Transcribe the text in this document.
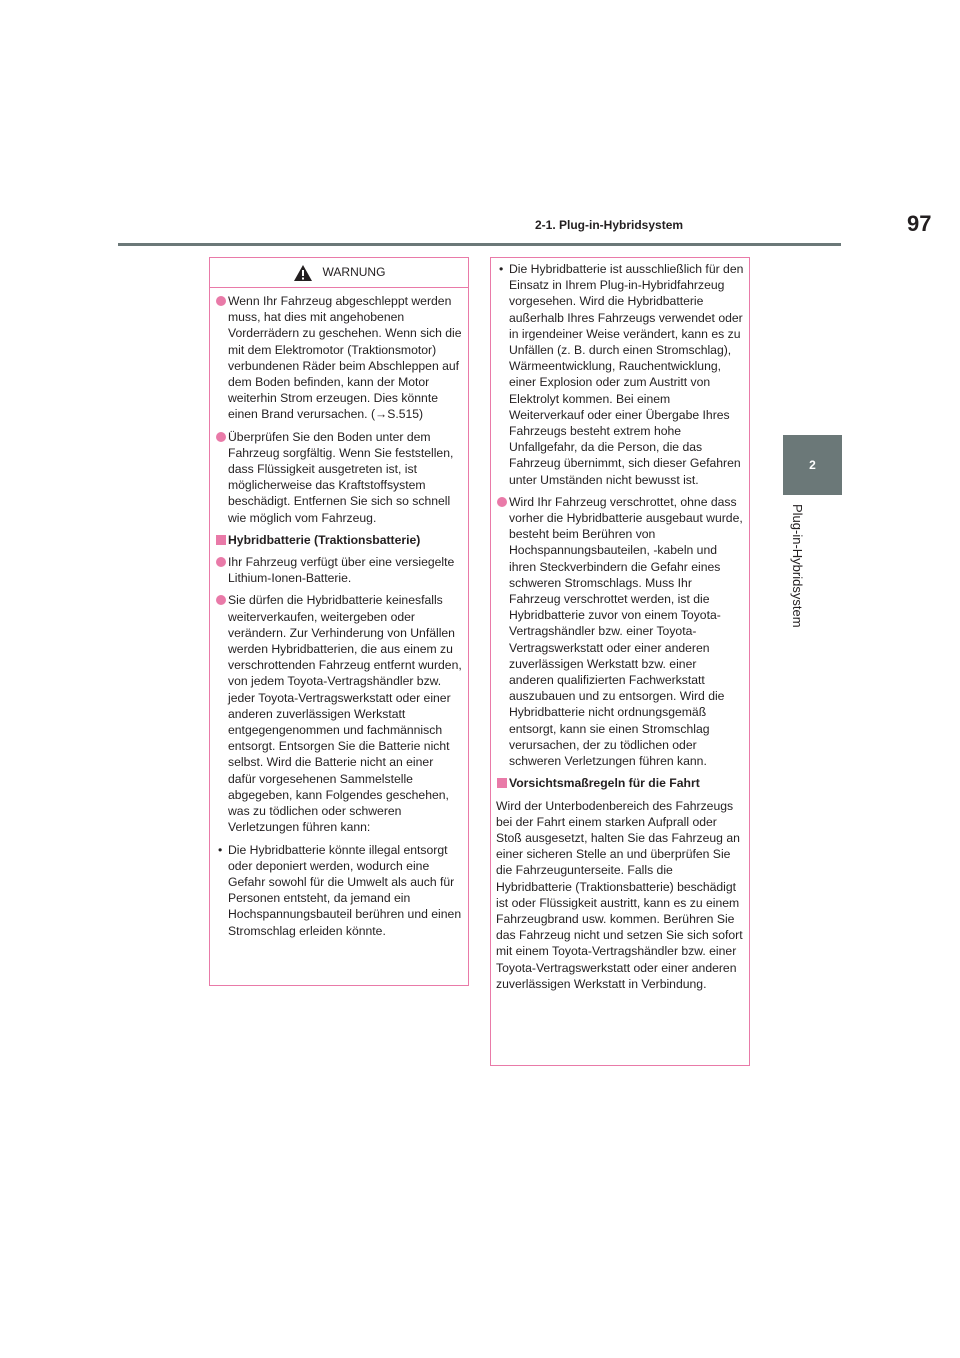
2-1. Plug-in-Hybridsystem	97
2
Plug-in-Hybridsystem
WARNUNG
Wenn Ihr Fahrzeug abgeschleppt werden muss, hat dies mit angehobenen Vorderrädern zu geschehen. Wenn sich die mit dem Elektromotor (Traktionsmotor) verbundenen Räder beim Abschleppen auf dem Boden befinden, kann der Motor weiterhin Strom erzeugen. Dies könnte einen Brand verursachen. (→S.515)
Überprüfen Sie den Boden unter dem Fahrzeug sorgfältig. Wenn Sie feststellen, dass Flüssigkeit ausgetreten ist, ist möglicherweise das Kraftstoffsystem beschädigt. Entfernen Sie sich so schnell wie möglich vom Fahrzeug.
Hybridbatterie (Traktionsbatterie)
Ihr Fahrzeug verfügt über eine versiegelte Lithium-Ionen-Batterie.
Sie dürfen die Hybridbatterie keinesfalls weiterverkaufen, weitergeben oder verändern. Zur Verhinderung von Unfällen werden Hybridbatterien, die aus einem zu verschrottenden Fahrzeug entfernt wurden, von jedem Toyota-Vertragshändler bzw. jeder Toyota-Vertragswerkstatt oder einer anderen zuverlässigen Werkstatt entgegengenommen und fachmännisch entsorgt. Entsorgen Sie die Batterie nicht selbst. Wird die Batterie nicht an einer dafür vorgesehenen Sammelstelle abgegeben, kann Folgendes geschehen, was zu tödlichen oder schweren Verletzungen führen kann:
• Die Hybridbatterie könnte illegal entsorgt oder deponiert werden, wodurch eine Gefahr sowohl für die Umwelt als auch für Personen entsteht, da jemand ein Hochspannungsbauteil berühren und einen Stromschlag erleiden könnte.
• Die Hybridbatterie ist ausschließlich für den Einsatz in Ihrem Plug-in-Hybridfahrzeug vorgesehen. Wird die Hybridbatterie außerhalb Ihres Fahrzeugs verwendet oder in irgendeiner Weise verändert, kann es zu Unfällen (z. B. durch einen Stromschlag), Wärmeentwicklung, Rauchentwicklung, einer Explosion oder zum Austritt von Elektrolyt kommen. Bei einem Weiterverkauf oder einer Übergabe Ihres Fahrzeugs besteht extrem hohe Unfallgefahr, da die Person, die das Fahrzeug übernimmt, sich dieser Gefahren unter Umständen nicht bewusst ist.
Wird Ihr Fahrzeug verschrottet, ohne dass vorher die Hybridbatterie ausgebaut wurde, besteht beim Berühren von Hochspannungsbauteilen, -kabeln und ihren Steckverbindern die Gefahr eines schweren Stromschlags. Muss Ihr Fahrzeug verschrottet werden, ist die Hybridbatterie zuvor von einem Toyota-Vertragshändler bzw. einer Toyota-Vertragswerkstatt oder einer anderen zuverlässigen Werkstatt bzw. einer anderen qualifizierten Fachwerkstatt auszubauen und zu entsorgen. Wird die Hybridbatterie nicht ordnungsgemäß entsorgt, kann sie einen Stromschlag verursachen, der zu tödlichen oder schweren Verletzungen führen kann.
Vorsichtsmaßregeln für die Fahrt
Wird der Unterbodenbereich des Fahrzeugs bei der Fahrt einem starken Aufprall oder Stoß ausgesetzt, halten Sie das Fahrzeug an einer sicheren Stelle an und überprüfen Sie die Fahrzeugunterseite. Falls die Hybridbatterie (Traktionsbatterie) beschädigt ist oder Flüssigkeit austritt, kann es zu einem Fahrzeugbrand usw. kommen. Berühren Sie das Fahrzeug nicht und setzen Sie sich sofort mit einem Toyota-Vertragshändler bzw. einer Toyota-Vertragswerkstatt oder einer anderen zuverlässigen Werkstatt in Verbindung.
